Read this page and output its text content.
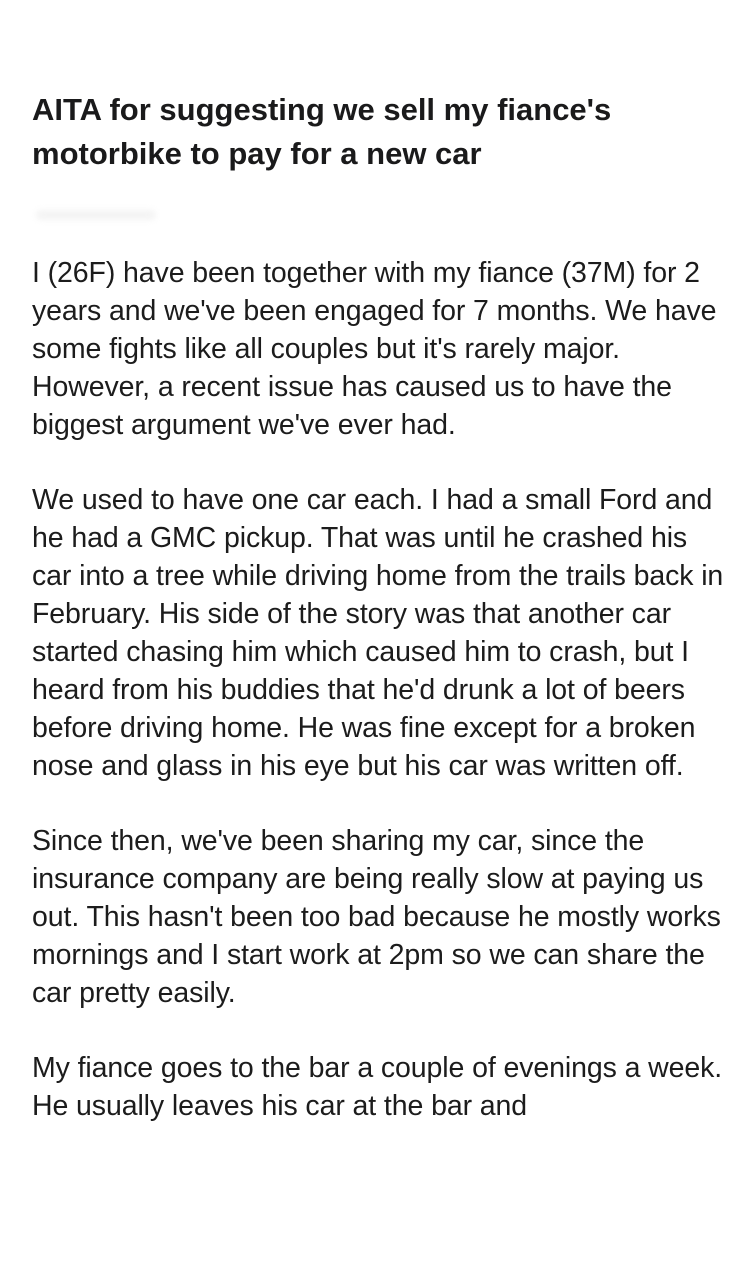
AITA for suggesting we sell my fiance's motorbike to pay for a new car

I (26F) have been together with my fiance (37M) for 2 years and we've been engaged for 7 months. We have some fights like all couples but it's rarely major. However, a recent issue has caused us to have the biggest argument we've ever had.

We used to have one car each. I had a small Ford and he had a GMC pickup. That was until he crashed his car into a tree while driving home from the trails back in February. His side of the story was that another car started chasing him which caused him to crash, but I heard from his buddies that he'd drunk a lot of beers before driving home. He was fine except for a broken nose and glass in his eye but his car was written off.

Since then, we've been sharing my car, since the insurance company are being really slow at paying us out. This hasn't been too bad because he mostly works mornings and I start work at 2pm so we can share the car pretty easily.

My fiance goes to the bar a couple of evenings a week. He usually leaves his car at the bar and
